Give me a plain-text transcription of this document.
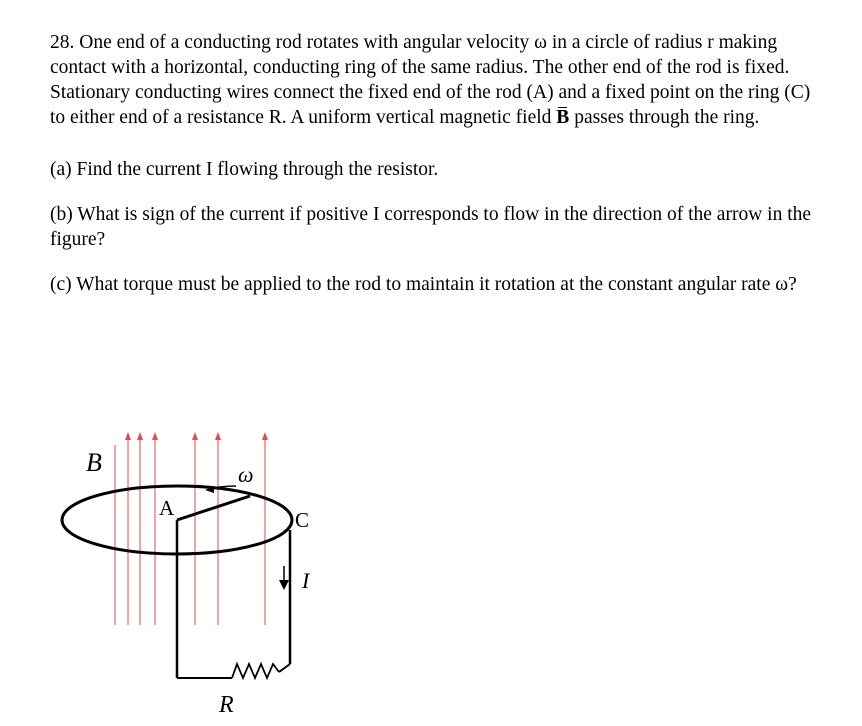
28. One end of a conducting rod rotates with angular velocity ω in a circle of radius r making contact with a horizontal, conducting ring of the same radius. The other end of the rod is fixed. Stationary conducting wires connect the fixed end of the rod (A) and a fixed point on the ring (C) to either end of a resistance R. A uniform vertical magnetic field B passes through the ring.

(a) Find the current I flowing through the resistor.

(b) What is sign of the current if positive I corresponds to flow in the direction of the arrow in the figure?

(c) What torque must be applied to the rod to maintain it rotation at the constant angular rate ω?

B	ω
A	C
I
R
